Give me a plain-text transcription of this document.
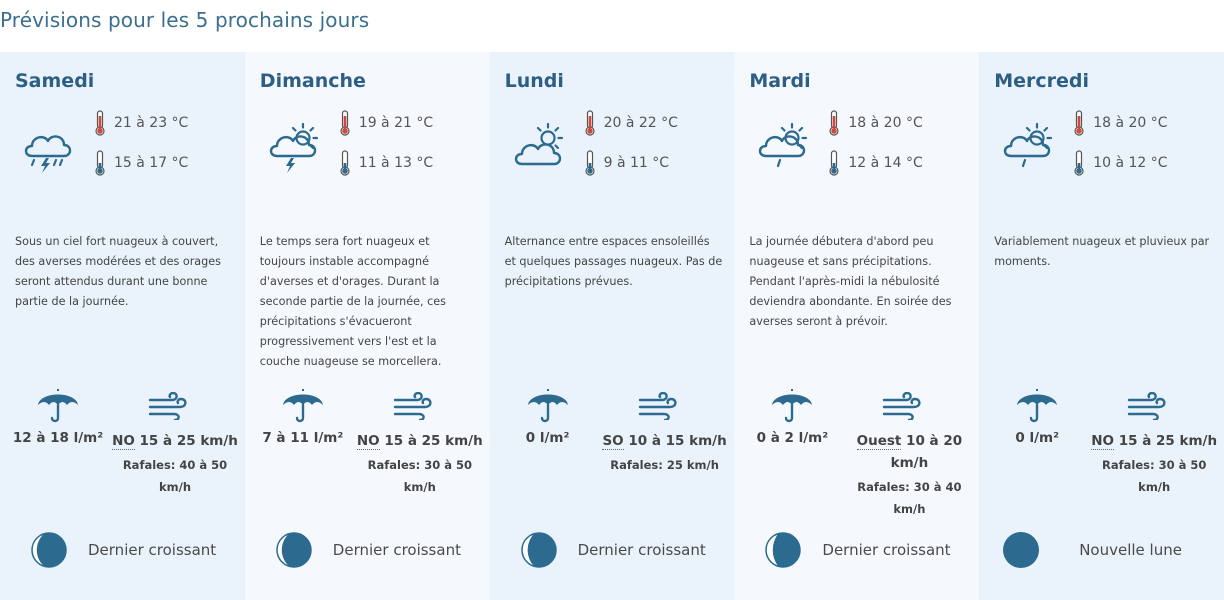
Prévisions pour les 5 prochains jours
Samedi
21 à 23 °C
15 à 17 °C
Sous un ciel fort nuageux à couvert, des averses modérées et des orages seront attendus durant une bonne partie de la journée.
12 à 18 l/m² NO 15 à 25 km/h
Rafales: 40 à 50 km/h
Dernier croissant
Dimanche
19 à 21 °C
11 à 13 °C
Le temps sera fort nuageux et toujours instable accompagné d'averses et d'orages. Durant la seconde partie de la journée, ces précipitations s'évacueront progressivement vers l'est et la couche nuageuse se morcellera.
7 à 11 l/m²	NO 15 à 25 km/h
Rafales: 30 à 50 km/h
Dernier croissant
Lundi
20 à 22 °C
9 à 11 °C
Alternance entre espaces ensoleillés et quelques passages nuageux. Pas de précipitations prévues.
0 l/m²	SO 10 à 15 km/h
Rafales: 25 km/h
Dernier croissant
Mardi
18 à 20 °C
12 à 14 °C
La journée débutera d'abord peu nuageuse et sans précipitations. Pendant l'après-midi la nébulosité deviendra abondante. En soirée des averses seront à prévoir.
0 à 2 l/m²	Ouest 10 à 20 km/h
Rafales: 30 à 40 km/h
Dernier croissant
Mercredi
18 à 20 °C
10 à 12 °C
Variablement nuageux et pluvieux par moments.
0 l/m²	NO 15 à 25 km/h
Rafales: 30 à 50 km/h
Nouvelle lune
